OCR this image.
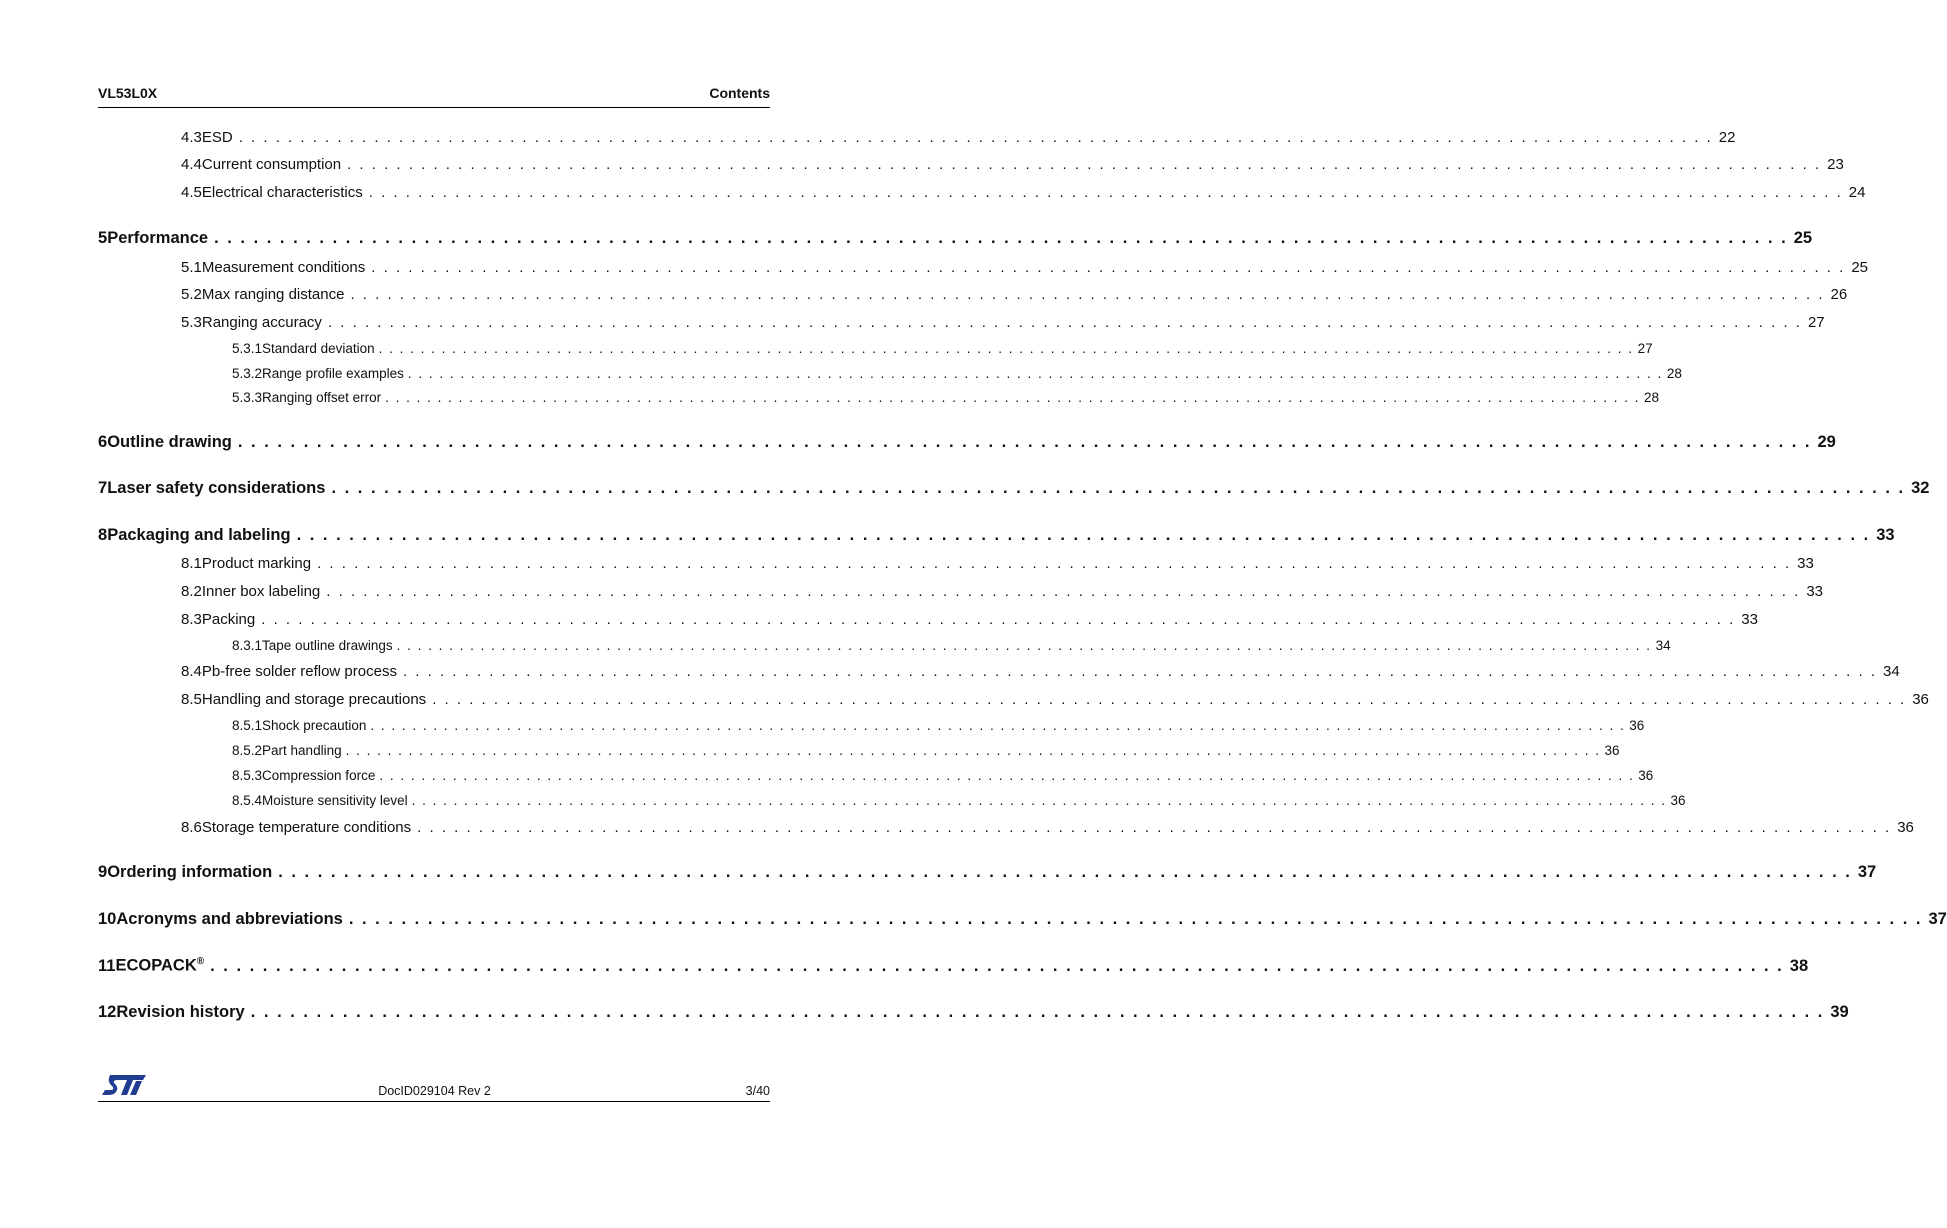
VL53L0X	Contents
4.3 ESD . . . . . . . . . . . . . . . . . . . . . . . . . . . . . . . . . . . . . . . . . . . . . . . . . . . . . . . . . . . . . . . . . . . . . . . . . . . . . . . . . . . . . . . . . . . . . . . . . . . . . . . . . . . . . . . . . . . . . . . . 22
4.4 Current consumption . . . . . . . . . . . . . . . . . . . . . . . . . . . . . . . . . . . . . . . . . . . . . . . . . . . . . . . . . . . . . . . . . . . . . . . . . . . . . . . . . . . . . . . . . . . . . . . . . . . . . . . . . . . . . . . . . . . . . . . . 23
4.5 Electrical characteristics . . . . . . . . . . . . . . . . . . . . . . . . . . . . . . . . . . . . . . . . . . . . . . . . . . . . . . . . . . . . . . . . . . . . . . . . . . . . . . . . . . . . . . . . . . . . . . . . . . . . . . . . . . . . . . . . . . . . . . . . 24
5 Performance . . . . . . . . . . . . . . . . . . . . . . . . . . . . . . . . . . . . . . . . . . . . . . . . . . . . . . . . . . . . . . . . . . . . . . . . . . . . . . . . . . . . . . . . . . . . . . . . . . . . . . . . . . . . . . . . . . . . . . . . 25
5.1 Measurement conditions . . . . . . . . . . . . . . . . . . . . . . . . . . . . . . . . . . . . . . . . . . . . . . . . . . . . . . . . . . . . . . . . . . . . . . . . . . . . . . . . . . . . . . . . . . . . . . . . . . . . . . . . . . . . . . . . . . . . . . . . 25
5.2 Max ranging distance . . . . . . . . . . . . . . . . . . . . . . . . . . . . . . . . . . . . . . . . . . . . . . . . . . . . . . . . . . . . . . . . . . . . . . . . . . . . . . . . . . . . . . . . . . . . . . . . . . . . . . . . . . . . . . . . . . . . . . . . 26
5.3 Ranging accuracy . . . . . . . . . . . . . . . . . . . . . . . . . . . . . . . . . . . . . . . . . . . . . . . . . . . . . . . . . . . . . . . . . . . . . . . . . . . . . . . . . . . . . . . . . . . . . . . . . . . . . . . . . . . . . . . . . . . . . . . . 27
5.3.1 Standard deviation . . . . . . . . . . . . . . . . . . . . . . . . . . . . . . . . . . . . . . . . . . . . . . . . . . . . . . . . . . . . . . . . . . . . . . . . . . . . . . . . . . . . . . . . . . . . . . . . . . . . . . . . . . . . . . . . . . . . . . . . 27
5.3.2 Range profile examples . . . . . . . . . . . . . . . . . . . . . . . . . . . . . . . . . . . . . . . . . . . . . . . . . . . . . . . . . . . . . . . . . . . . . . . . . . . . . . . . . . . . . . . . . . . . . . . . . . . . . . . . . . . . . . . . . . . . . . . . 28
5.3.3 Ranging offset error . . . . . . . . . . . . . . . . . . . . . . . . . . . . . . . . . . . . . . . . . . . . . . . . . . . . . . . . . . . . . . . . . . . . . . . . . . . . . . . . . . . . . . . . . . . . . . . . . . . . . . . . . . . . . . . . . . . . . . . . 28
6 Outline drawing . . . . . . . . . . . . . . . . . . . . . . . . . . . . . . . . . . . . . . . . . . . . . . . . . . . . . . . . . . . . . . . . . . . . . . . . . . . . . . . . . . . . . . . . . . . . . . . . . . . . . . . . . . . . . . . . . . . . . . . . 29
7 Laser safety considerations . . . . . . . . . . . . . . . . . . . . . . . . . . . . . . . . . . . . . . . . . . . . . . . . . . . . . . . . . . . . . . . . . . . . . . . . . . . . . . . . . . . . . . . . . . . . . . . . . . . . . . . . . . . . . . . . . . . . . . . . 32
8 Packaging and labeling . . . . . . . . . . . . . . . . . . . . . . . . . . . . . . . . . . . . . . . . . . . . . . . . . . . . . . . . . . . . . . . . . . . . . . . . . . . . . . . . . . . . . . . . . . . . . . . . . . . . . . . . . . . . . . . . . . . . . . . . 33
8.1 Product marking . . . . . . . . . . . . . . . . . . . . . . . . . . . . . . . . . . . . . . . . . . . . . . . . . . . . . . . . . . . . . . . . . . . . . . . . . . . . . . . . . . . . . . . . . . . . . . . . . . . . . . . . . . . . . . . . . . . . . . . . 33
8.2 Inner box labeling . . . . . . . . . . . . . . . . . . . . . . . . . . . . . . . . . . . . . . . . . . . . . . . . . . . . . . . . . . . . . . . . . . . . . . . . . . . . . . . . . . . . . . . . . . . . . . . . . . . . . . . . . . . . . . . . . . . . . . . . 33
8.3 Packing . . . . . . . . . . . . . . . . . . . . . . . . . . . . . . . . . . . . . . . . . . . . . . . . . . . . . . . . . . . . . . . . . . . . . . . . . . . . . . . . . . . . . . . . . . . . . . . . . . . . . . . . . . . . . . . . . . . . . . . . 33
8.3.1 Tape outline drawings . . . . . . . . . . . . . . . . . . . . . . . . . . . . . . . . . . . . . . . . . . . . . . . . . . . . . . . . . . . . . . . . . . . . . . . . . . . . . . . . . . . . . . . . . . . . . . . . . . . . . . . . . . . . . . . . . . . . . . . . 34
8.4 Pb-free solder reflow process . . . . . . . . . . . . . . . . . . . . . . . . . . . . . . . . . . . . . . . . . . . . . . . . . . . . . . . . . . . . . . . . . . . . . . . . . . . . . . . . . . . . . . . . . . . . . . . . . . . . . . . . . . . . . . . . . . . . . . . . 34
8.5 Handling and storage precautions . . . . . . . . . . . . . . . . . . . . . . . . . . . . . . . . . . . . . . . . . . . . . . . . . . . . . . . . . . . . . . . . . . . . . . . . . . . . . . . . . . . . . . . . . . . . . . . . . . . . . . . . . . . . . . . . . . . . . . . . 36
8.5.1 Shock precaution . . . . . . . . . . . . . . . . . . . . . . . . . . . . . . . . . . . . . . . . . . . . . . . . . . . . . . . . . . . . . . . . . . . . . . . . . . . . . . . . . . . . . . . . . . . . . . . . . . . . . . . . . . . . . . . . . . . . . . . . 36
8.5.2 Part handling . . . . . . . . . . . . . . . . . . . . . . . . . . . . . . . . . . . . . . . . . . . . . . . . . . . . . . . . . . . . . . . . . . . . . . . . . . . . . . . . . . . . . . . . . . . . . . . . . . . . . . . . . . . . . . . . . . . . . . . . 36
8.5.3 Compression force . . . . . . . . . . . . . . . . . . . . . . . . . . . . . . . . . . . . . . . . . . . . . . . . . . . . . . . . . . . . . . . . . . . . . . . . . . . . . . . . . . . . . . . . . . . . . . . . . . . . . . . . . . . . . . . . . . . . . . . . 36
8.5.4 Moisture sensitivity level . . . . . . . . . . . . . . . . . . . . . . . . . . . . . . . . . . . . . . . . . . . . . . . . . . . . . . . . . . . . . . . . . . . . . . . . . . . . . . . . . . . . . . . . . . . . . . . . . . . . . . . . . . . . . . . . . . . . . . . . 36
8.6 Storage temperature conditions . . . . . . . . . . . . . . . . . . . . . . . . . . . . . . . . . . . . . . . . . . . . . . . . . . . . . . . . . . . . . . . . . . . . . . . . . . . . . . . . . . . . . . . . . . . . . . . . . . . . . . . . . . . . . . . . . . . . . . . . 36
9 Ordering information . . . . . . . . . . . . . . . . . . . . . . . . . . . . . . . . . . . . . . . . . . . . . . . . . . . . . . . . . . . . . . . . . . . . . . . . . . . . . . . . . . . . . . . . . . . . . . . . . . . . . . . . . . . . . . . . . . . . . . . . 37
10 Acronyms and abbreviations . . . . . . . . . . . . . . . . . . . . . . . . . . . . . . . . . . . . . . . . . . . . . . . . . . . . . . . . . . . . . . . . . . . . . . . . . . . . . . . . . . . . . . . . . . . . . . . . . . . . . . . . . . . . . . . . . . . . . . . . 37
11 ECOPACK® . . . . . . . . . . . . . . . . . . . . . . . . . . . . . . . . . . . . . . . . . . . . . . . . . . . . . . . . . . . . . . . . . . . . . . . . . . . . . . . . . . . . . . . . . . . . . . . . . . . . . . . . . . . . . . . . . . . . . . . . 38
12 Revision history . . . . . . . . . . . . . . . . . . . . . . . . . . . . . . . . . . . . . . . . . . . . . . . . . . . . . . . . . . . . . . . . . . . . . . . . . . . . . . . . . . . . . . . . . . . . . . . . . . . . . . . . . . . . . . . . . . . . . . . . 39
DocID029104 Rev 2	3/40
